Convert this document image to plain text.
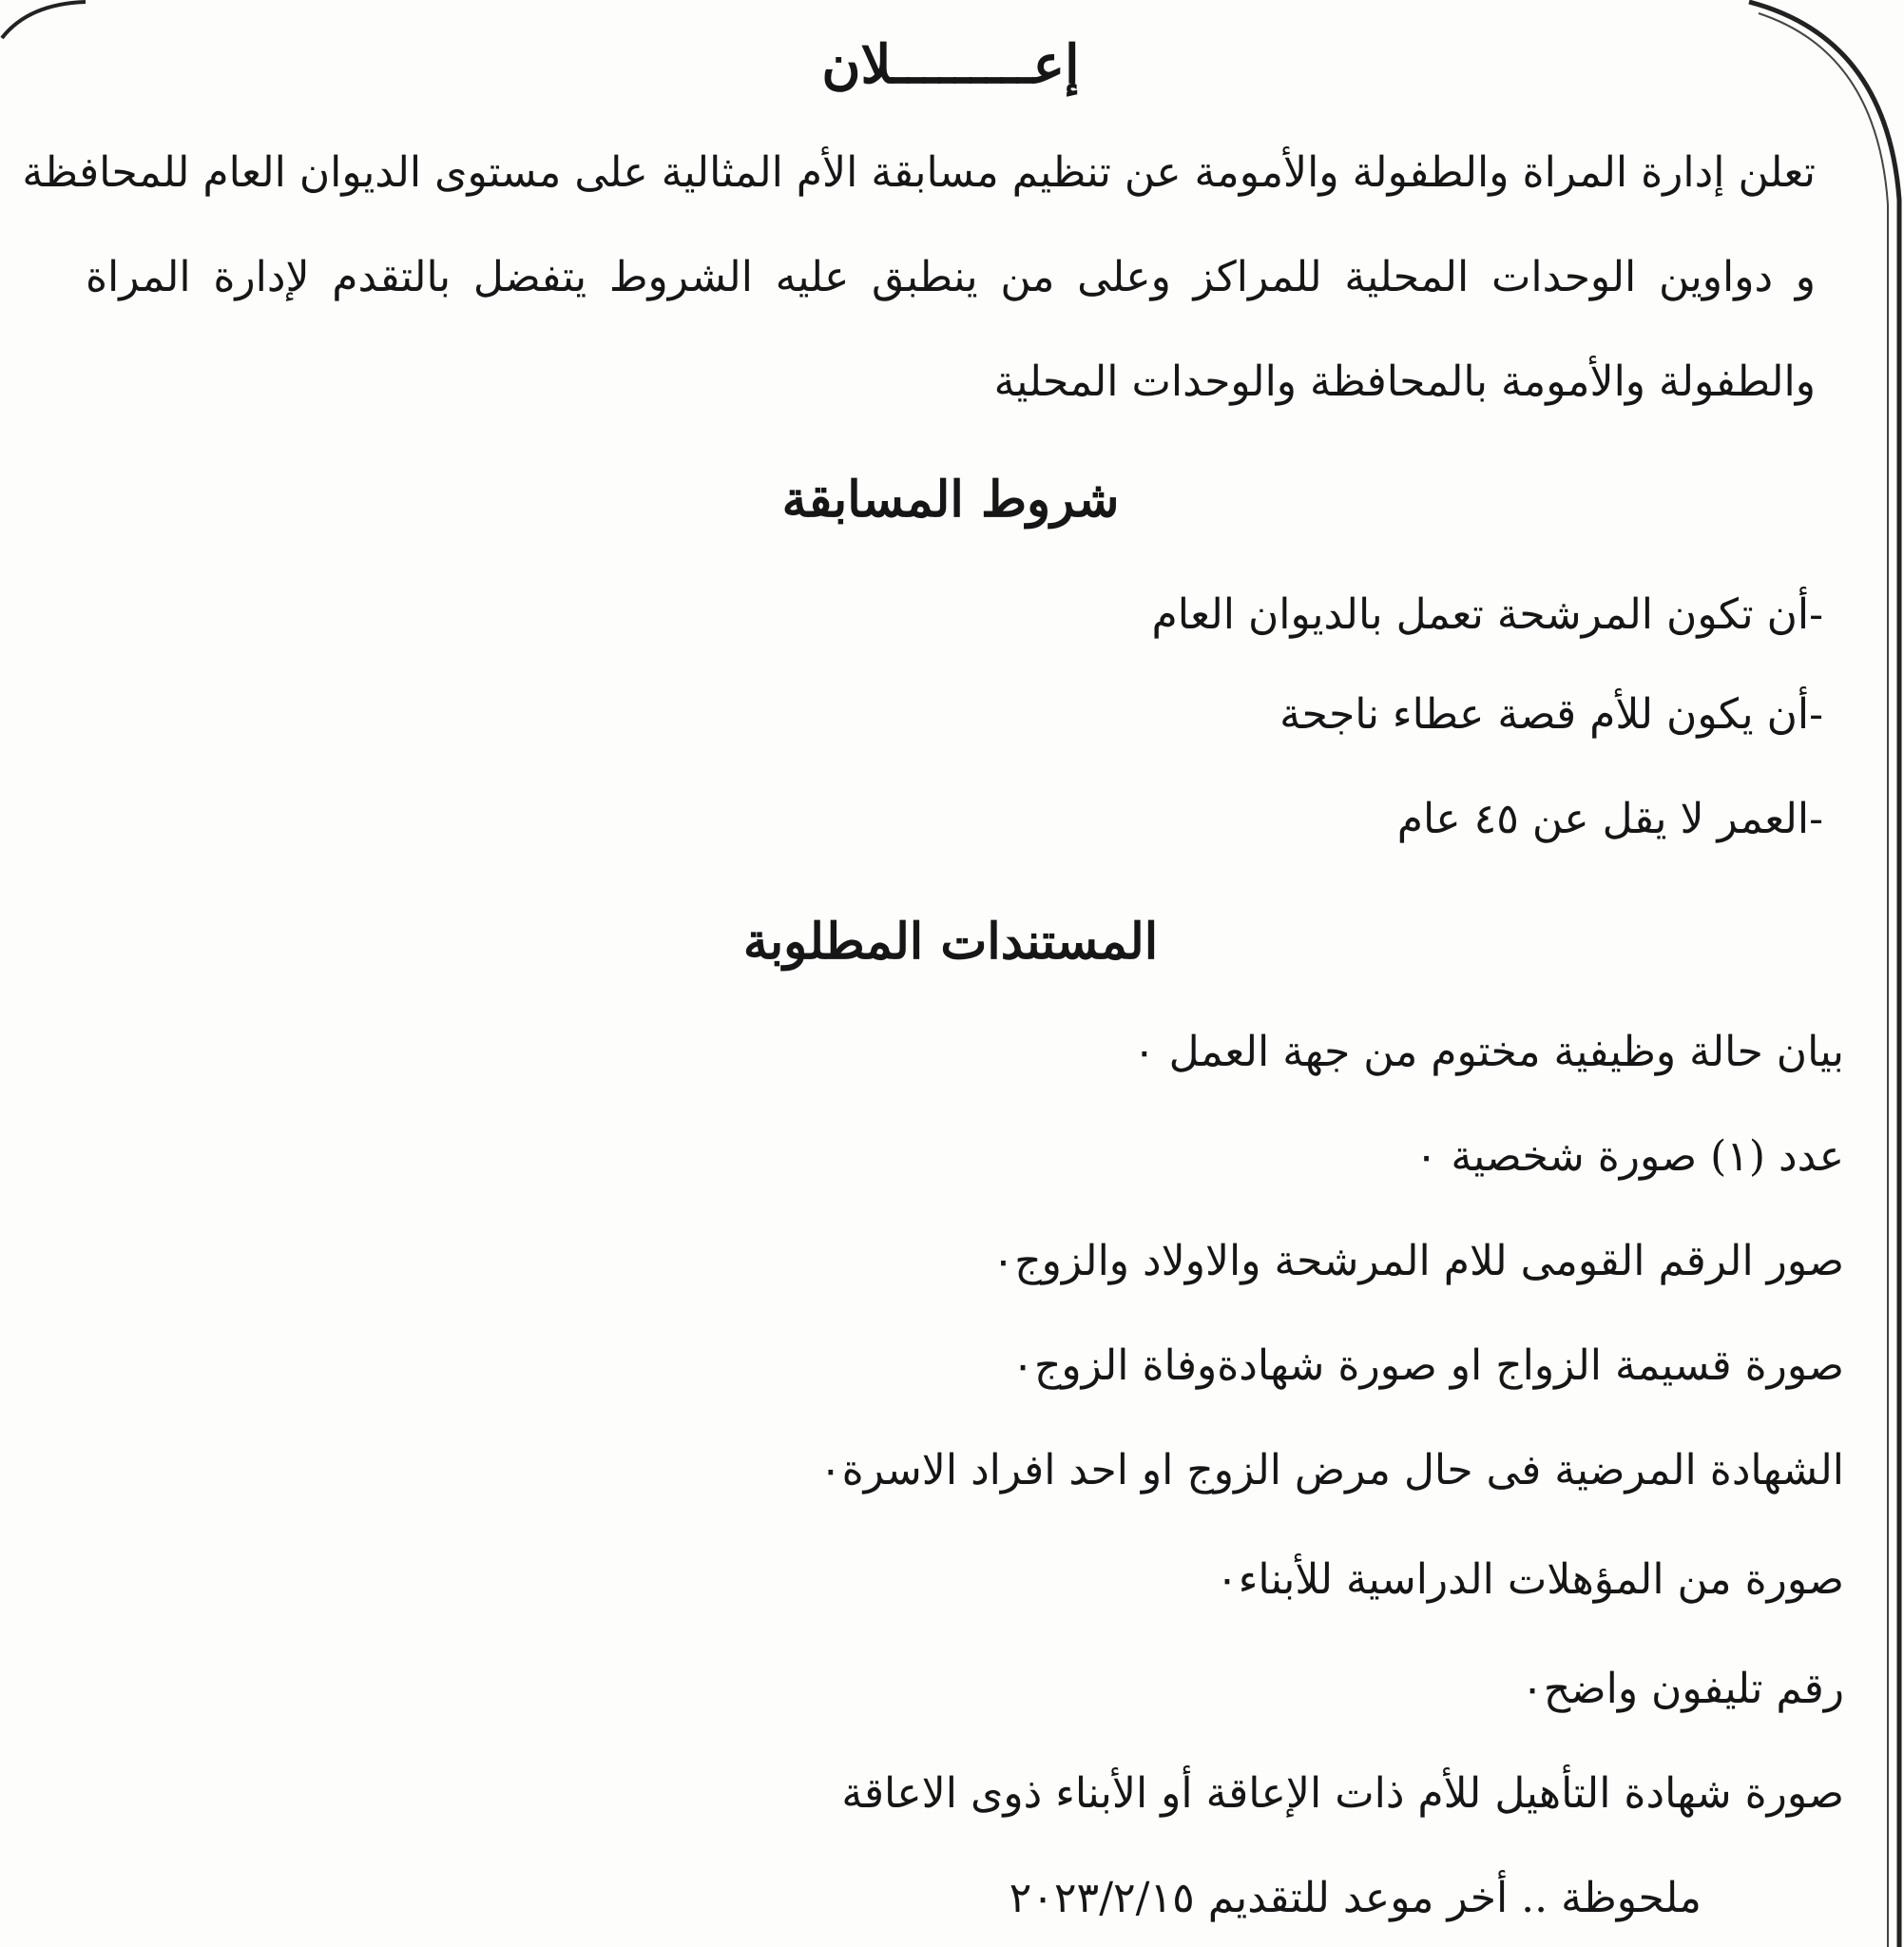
إعـــــــــلان
تعلن إدارة المراة والطفولة والأمومة عن تنظيم مسابقة الأم المثالية على مستوى الديوان العام للمحافظة
و دواوين الوحدات المحلية للمراكز وعلى من ينطبق عليه الشروط يتفضل بالتقدم لإدارة المراة
والطفولة والأمومة بالمحافظة والوحدات المحلية
شروط المسابقة
-أن تكون المرشحة تعمل بالديوان العام
-أن يكون للأم قصة عطاء ناجحة
-العمر لا يقل عن ٤٥ عام
المستندات المطلوبة
بيان حالة وظيفية مختوم من جهة العمل ٠
عدد (١) صورة شخصية ٠
صور الرقم القومى للام المرشحة والاولاد والزوج٠
صورة قسيمة الزواج او صورة شهادةوفاة الزوج٠
الشهادة المرضية فى حال مرض الزوج او احد افراد الاسرة٠
صورة من المؤهلات الدراسية للأبناء٠
رقم تليفون واضح٠
صورة شهادة التأهيل للأم ذات الإعاقة أو الأبناء ذوى الاعاقة
ملحوظة .. أخر موعد للتقديم ٢٠٢٣/٢/١٥
